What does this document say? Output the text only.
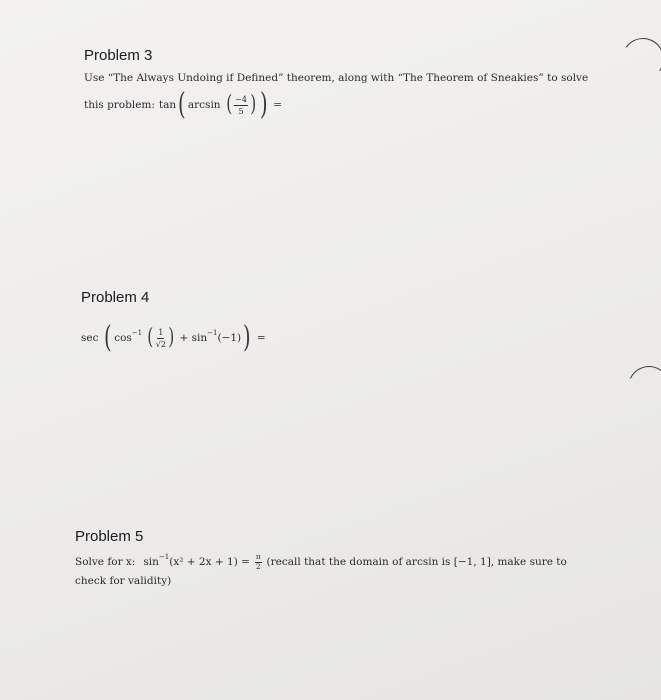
Problem 3
Use “The Always Undoing if Defined” theorem, along with “The Theorem of Sneakies” to solve
this problem: tan ( arcsin ( $\frac{-4}{5}$ ) ) =
Problem 4
sec ( cos −1 ( $\frac{1}{√2}$ ) + sin −1 (−1) ) =
Problem 5
Solve for x: sin −1 $(x^2 + 2x + 1) = \frac{\pi}{2}$ (recall that the domain of arcsin is [−1, 1], make sure to
check for validity)
